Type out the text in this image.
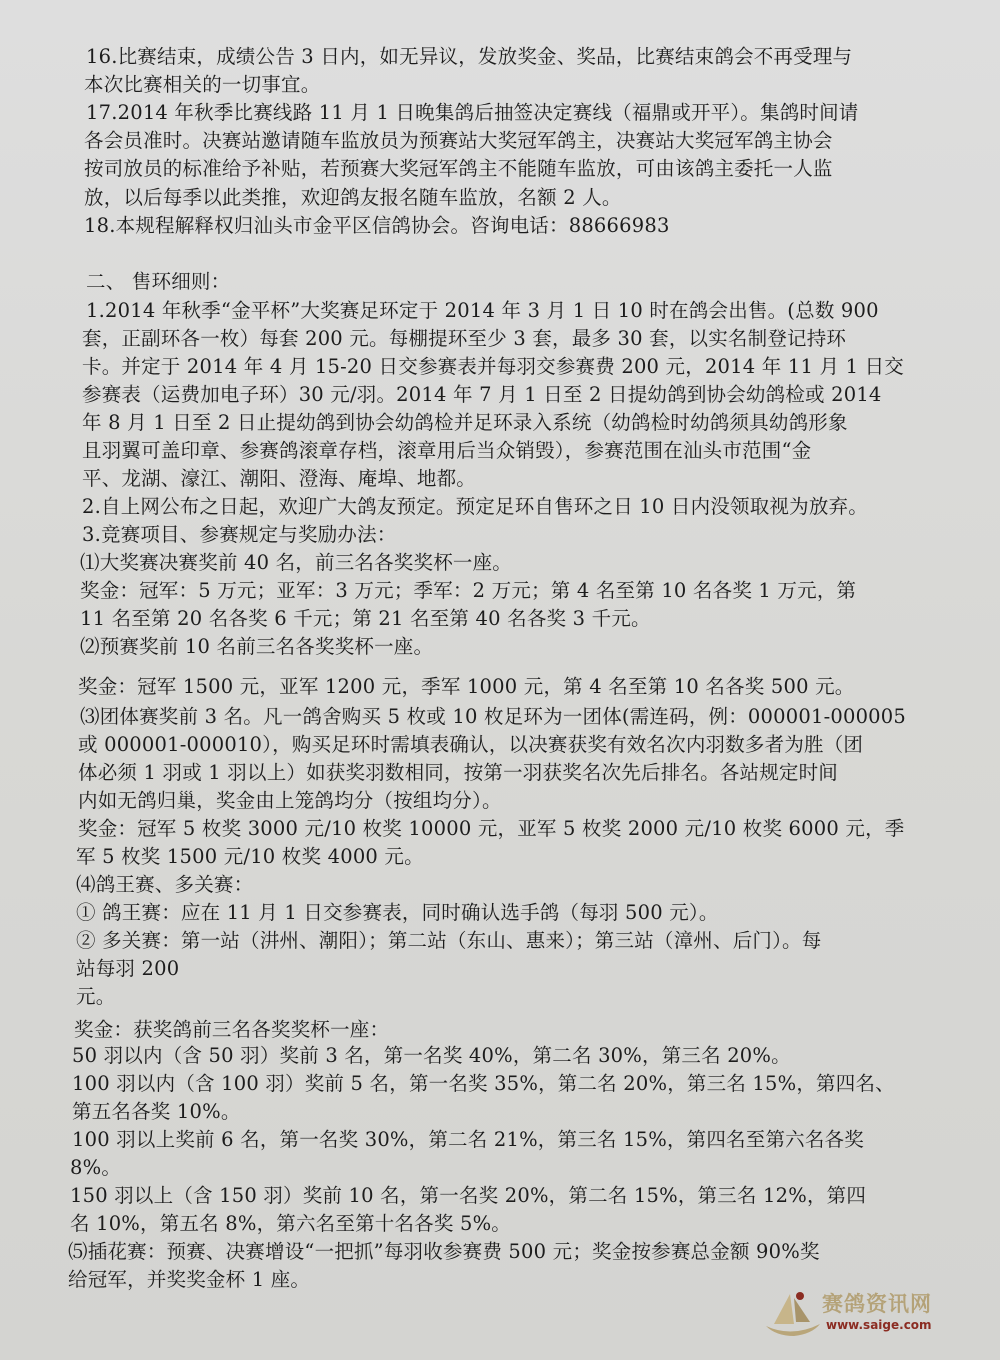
16.比赛结束，成绩公告 3 日内，如无异议，发放奖金、奖品，比赛结束鸽会不再受理与
本次比赛相关的一切事宜。
17.2014 年秋季比赛线路 11 月 1 日晚集鸽后抽签决定赛线（福鼎或开平）。集鸽时间请
各会员准时。决赛站邀请随车监放员为预赛站大奖冠军鸽主，决赛站大奖冠军鸽主协会
按司放员的标准给予补贴，若预赛大奖冠军鸽主不能随车监放，可由该鸽主委托一人监
放，以后每季以此类推，欢迎鸽友报名随车监放，名额 2 人。
18.本规程解释权归汕头市金平区信鸽协会。咨询电话：88666983
二、 售环细则：
1.2014 年秋季“金平杯”大奖赛足环定于 2014 年 3 月 1 日 10 时在鸽会出售。(总数 900
套，正副环各一枚）每套 200 元。每棚提环至少 3 套，最多 30 套，以实名制登记持环
卡。并定于 2014 年 4 月 15-20 日交参赛表并每羽交参赛费 200 元，2014 年 11 月 1 日交
参赛表（运费加电子环）30 元/羽。2014 年 7 月 1 日至 2 日提幼鸽到协会幼鸽检或 2014
年 8 月 1 日至 2 日止提幼鸽到协会幼鸽检并足环录入系统（幼鸽检时幼鸽须具幼鸽形象
且羽翼可盖印章、参赛鸽滚章存档，滚章用后当众销毁），参赛范围在汕头市范围“金
平、龙湖、濠江、潮阳、澄海、庵埠、地都。
2.自上网公布之日起，欢迎广大鸽友预定。预定足环自售环之日 10 日内没领取视为放弃。
3.竞赛项目、参赛规定与奖励办法：
⑴大奖赛决赛奖前 40 名，前三名各奖奖杯一座。
奖金：冠军：5 万元；亚军：3 万元；季军：2 万元；第 4 名至第 10 名各奖 1 万元，第
11 名至第 20 名各奖 6 千元；第 21 名至第 40 名各奖 3 千元。
⑵预赛奖前 10 名前三名各奖奖杯一座。
奖金：冠军 1500 元，亚军 1200 元，季军 1000 元，第 4 名至第 10 名各奖 500 元。
⑶团体赛奖前 3 名。凡一鸽舍购买 5 枚或 10 枚足环为一团体(需连码，例：000001-000005
或 000001-000010），购买足环时需填表确认，以决赛获奖有效名次内羽数多者为胜（团
体必须 1 羽或 1 羽以上）如获奖羽数相同，按第一羽获奖名次先后排名。各站规定时间
内如无鸽归巢，奖金由上笼鸽均分（按组均分）。
奖金：冠军 5 枚奖 3000 元/10 枚奖 10000 元，亚军 5 枚奖 2000 元/10 枚奖 6000 元，季
军 5 枚奖 1500 元/10 枚奖 4000 元。
⑷鸽王赛、多关赛：
① 鸽王赛：应在 11 月 1 日交参赛表，同时确认选手鸽（每羽 500 元）。
② 多关赛：第一站（汫州、潮阳）；第二站（东山、惠来）；第三站（漳州、后门）。每
站每羽 200
元。
奖金：获奖鸽前三名各奖奖杯一座：
50 羽以内（含 50 羽）奖前 3 名，第一名奖 40%，第二名 30%，第三名 20%。
100 羽以内（含 100 羽）奖前 5 名，第一名奖 35%，第二名 20%，第三名 15%，第四名、
第五名各奖 10%。
100 羽以上奖前 6 名，第一名奖 30%，第二名 21%，第三名 15%，第四名至第六名各奖
8%。
150 羽以上（含 150 羽）奖前 10 名，第一名奖 20%，第二名 15%，第三名 12%，第四
名 10%，第五名 8%，第六名至第十名各奖 5%。
⑸插花赛：预赛、决赛增设“一把抓”每羽收参赛费 500 元；奖金按参赛总金额 90%奖
给冠军，并奖奖金杯 1 座。
赛鸽资讯网
www.saige.com
